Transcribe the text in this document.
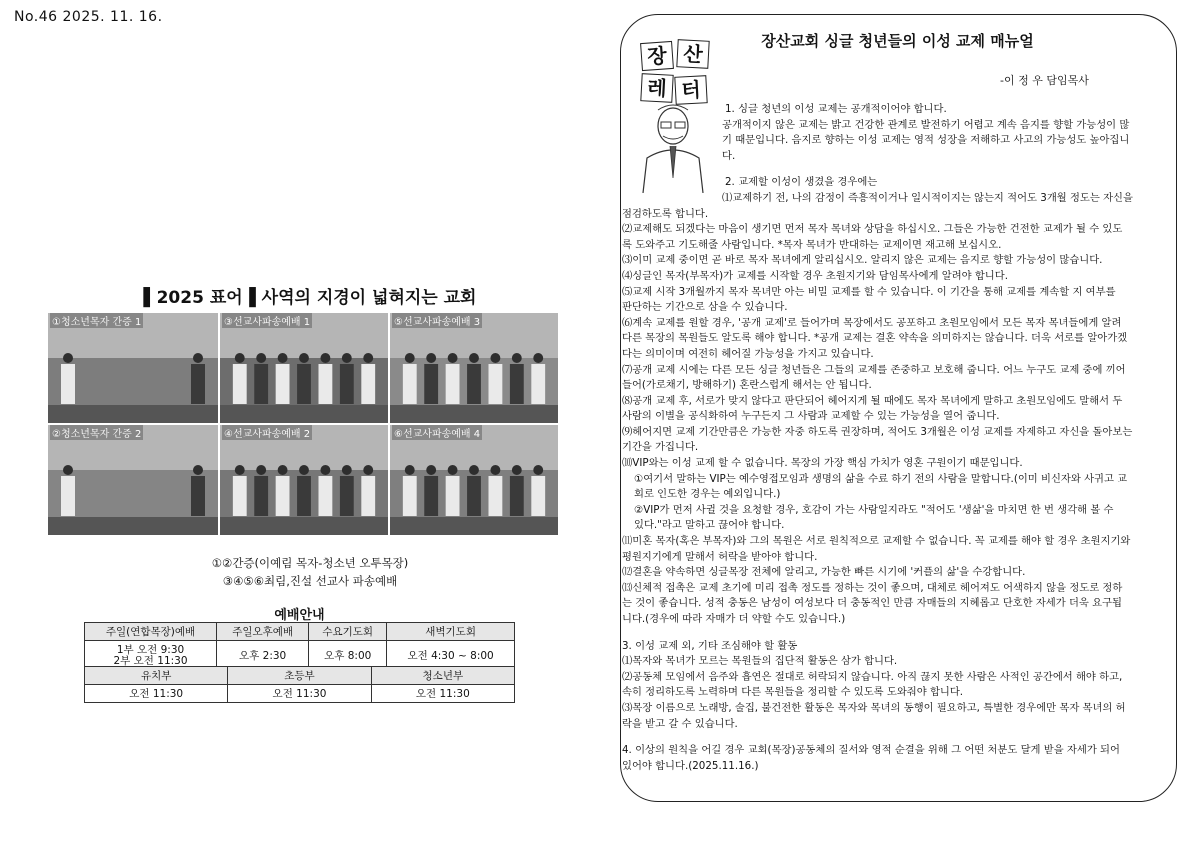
No.46 2025. 11. 16.
▌2025 표어▐ 사역의 지경이 넓혀지는 교회
①청소년목자 간증 1	③선교사파송예배 1	⑤선교사파송예배 3
②청소년목자 간증 2	④선교사파송예배 2	⑥선교사파송예배 4
①②간증(이예림 목자-청소년 오투목장)
③④⑤⑥최림,진설 선교사 파송예배
예배안내
주일(연합목장)예배	주일오후예배	수요기도회	새벽기도회
1부 오전 9:30
2부 오전 11:30	오후 2:30	오후 8:00	오전 4:30 ~ 8:00
유치부	초등부	청소년부
오전 11:30	오전 11:30	오전 11:30
장 산
레 터
장산교회 싱글 청년들의 이성 교제 매뉴얼
-이 정 우 담임목사
1. 싱글 청년의 이성 교제는 공개적이어야 합니다.
공개적이지 않은 교제는 밝고 건강한 관계로 발전하기 어렵고 계속 음지를 향할 가능성이 많
기 때문입니다. 음지로 향하는 이성 교제는 영적 성장을 저해하고 사고의 가능성도 높아집니
다.
2. 교제할 이성이 생겼을 경우에는
⑴교제하기 전, 나의 감정이 즉흥적이거나 일시적이지는 않는지 적어도 3개월 정도는 자신을
점검하도록 합니다.
⑵교제해도 되겠다는 마음이 생기면 먼저 목자 목녀와 상담을 하십시오. 그들은 가능한 건전한 교제가 될 수 있도
록 도와주고 기도해줄 사람입니다. *목자 목녀가 반대하는 교제이면 재고해 보십시오.
⑶이미 교제 중이면 곧 바로 목자 목녀에게 알리십시오. 알리지 않은 교제는 음지로 향할 가능성이 많습니다.
⑷싱글인 목자(부목자)가 교제를 시작할 경우 초원지기와 담임목사에게 알려야 합니다.
⑸교제 시작 3개월까지 목자 목녀만 아는 비밀 교제를 할 수 있습니다. 이 기간을 통해 교제를 계속할 지 여부를
판단하는 기간으로 삼을 수 있습니다.
⑹계속 교제를 원할 경우, '공개 교제'로 들어가며 목장에서도 공포하고 초원모임에서 모든 목자 목녀들에게 알려
다른 목장의 목원들도 알도록 해야 합니다. *공개 교제는 결혼 약속을 의미하지는 않습니다. 더욱 서로를 알아가겠
다는 의미이며 여전히 헤어질 가능성을 가지고 있습니다.
⑺공개 교제 시에는 다른 모든 싱글 청년들은 그들의 교제를 존중하고 보호해 줍니다. 어느 누구도 교제 중에 끼어
들어(가로채기, 방해하기) 혼란스럽게 해서는 안 됩니다.
⑻공개 교제 후, 서로가 맞지 않다고 판단되어 헤어지게 될 때에도 목자 목녀에게 말하고 초원모임에도 말해서 두
사람의 이별을 공식화하여 누구든지 그 사람과 교제할 수 있는 가능성을 열어 줍니다.
⑼헤어지면 교제 기간만큼은 가능한 자중 하도록 권장하며, 적어도 3개월은 이성 교제를 자제하고 자신을 돌아보는
기간을 가집니다.
⑽VIP와는 이성 교제 할 수 없습니다. 목장의 가장 핵심 가치가 영혼 구원이기 때문입니다.
①여기서 말하는 VIP는 예수영접모임과 생명의 삶을 수료 하기 전의 사람을 말합니다.(이미 비신자와 사귀고 교
회로 인도한 경우는 예외입니다.)
②VIP가 먼저 사귈 것을 요청할 경우, 호감이 가는 사람일지라도 "적어도 '생삶'을 마치면 한 번 생각해 볼 수
있다."라고 말하고 끊어야 합니다.
⑾미혼 목자(혹은 부목자)와 그의 목원은 서로 원칙적으로 교제할 수 없습니다. 꼭 교제를 해야 할 경우 초원지기와
평원지기에게 말해서 허락을 받아야 합니다.
⑿결혼을 약속하면 싱글목장 전체에 알리고, 가능한 빠른 시기에 '커플의 삶'을 수강합니다.
⒀신체적 접촉은 교제 초기에 미리 접촉 정도를 정하는 것이 좋으며, 대체로 헤어져도 어색하지 않을 정도로 정하
는 것이 좋습니다. 성적 충동은 남성이 여성보다 더 충동적인 만큼 자매들의 지혜롭고 단호한 자세가 더욱 요구됩
니다.(경우에 따라 자매가 더 약할 수도 있습니다.)
3. 이성 교제 외, 기타 조심해야 할 활동
⑴목자와 목녀가 모르는 목원들의 집단적 활동은 삼가 합니다.
⑵공동체 모임에서 음주와 흡연은 절대로 허락되지 않습니다. 아직 끊지 못한 사람은 사적인 공간에서 해야 하고,
속히 정리하도록 노력하며 다른 목원들을 정리할 수 있도록 도와줘야 합니다.
⑶목장 이름으로 노래방, 술집, 불건전한 활동은 목자와 목녀의 동행이 필요하고, 특별한 경우에만 목자 목녀의 허
락을 받고 갈 수 있습니다.
4. 이상의 원칙을 어길 경우 교회(목장)공동체의 질서와 영적 순결을 위해 그 어떤 처분도 달게 받을 자세가 되어
있어야 합니다.(2025.11.16.)
